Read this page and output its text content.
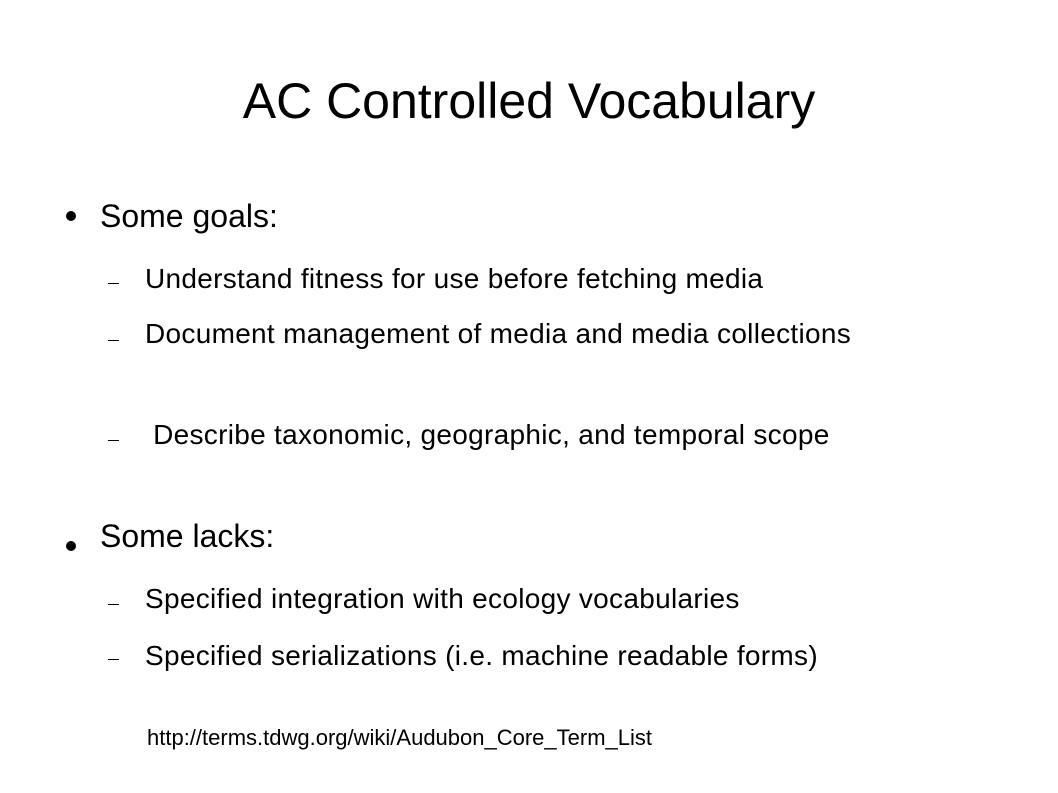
AC Controlled Vocabulary
Some goals:
Understand fitness for use before fetching media
Document management of media and media collections
Describe taxonomic, geographic, and temporal scope
Some lacks:
Specified integration with ecology vocabularies
Specified serializations (i.e. machine readable forms)
http://terms.tdwg.org/wiki/Audubon_Core_Term_List
